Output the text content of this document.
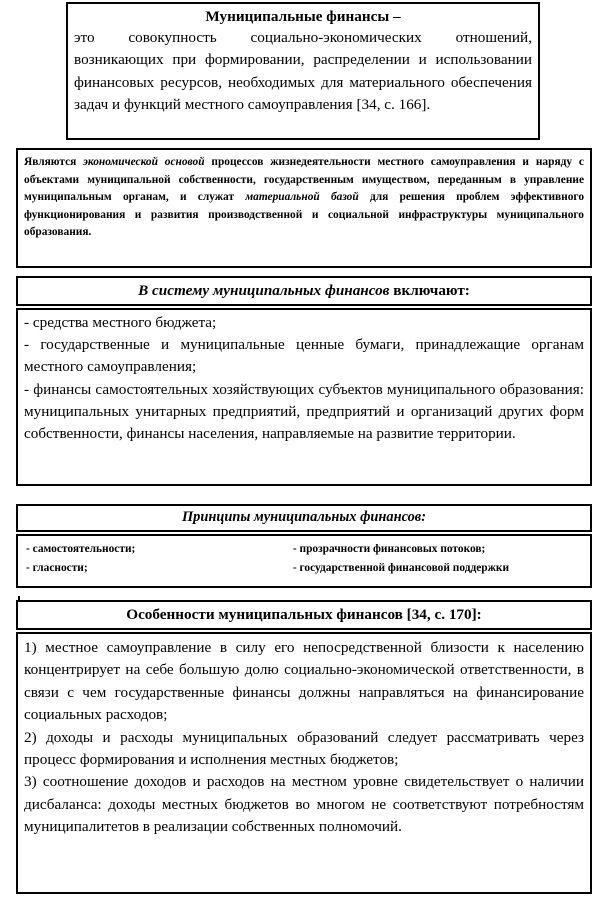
Муниципальные финансы –
это совокупность социально-экономических отношений, возникающих при формировании, распределении и использовании финансовых ресурсов, необходимых для материального обеспечения задач и функций местного самоуправления [34, с. 166].
Являются экономической основой процессов жизнедеятельности местного самоуправления и наряду с объектами муниципальной собственности, государственным имуществом, переданным в управление муниципальным органам, и служат материальной базой для решения проблем эффективного функционирования и развития производственной и социальной инфраструктуры муниципального образования.
В систему муниципальных финансов включают:
- средства местного бюджета;
- государственные и муниципальные ценные бумаги, принадлежащие органам местного самоуправления;
- финансы самостоятельных хозяйствующих субъектов муниципального образования: муниципальных унитарных предприятий, предприятий и организаций других форм собственности, финансы населения, направляемые на развитие территории.
Принципы муниципальных финансов:
- самостоятельности;	- прозрачности финансовых потоков;
- гласности;	- государственной финансовой поддержки
Особенности муниципальных финансов [34, с. 170]:

1) местное самоуправление в силу его непосредственной близости к населению концентрирует на себе большую долю социально-экономической ответственности, в связи с чем государственные финансы должны направляться на финансирование социальных расходов;

2) доходы и расходы муниципальных образований следует рассматривать через процесс формирования и исполнения местных бюджетов;

3) соотношение доходов и расходов на местном уровне свидетельствует о наличии дисбаланса: доходы местных бюджетов во многом не соответствуют потребностям муниципалитетов в реализации собственных полномочий.
